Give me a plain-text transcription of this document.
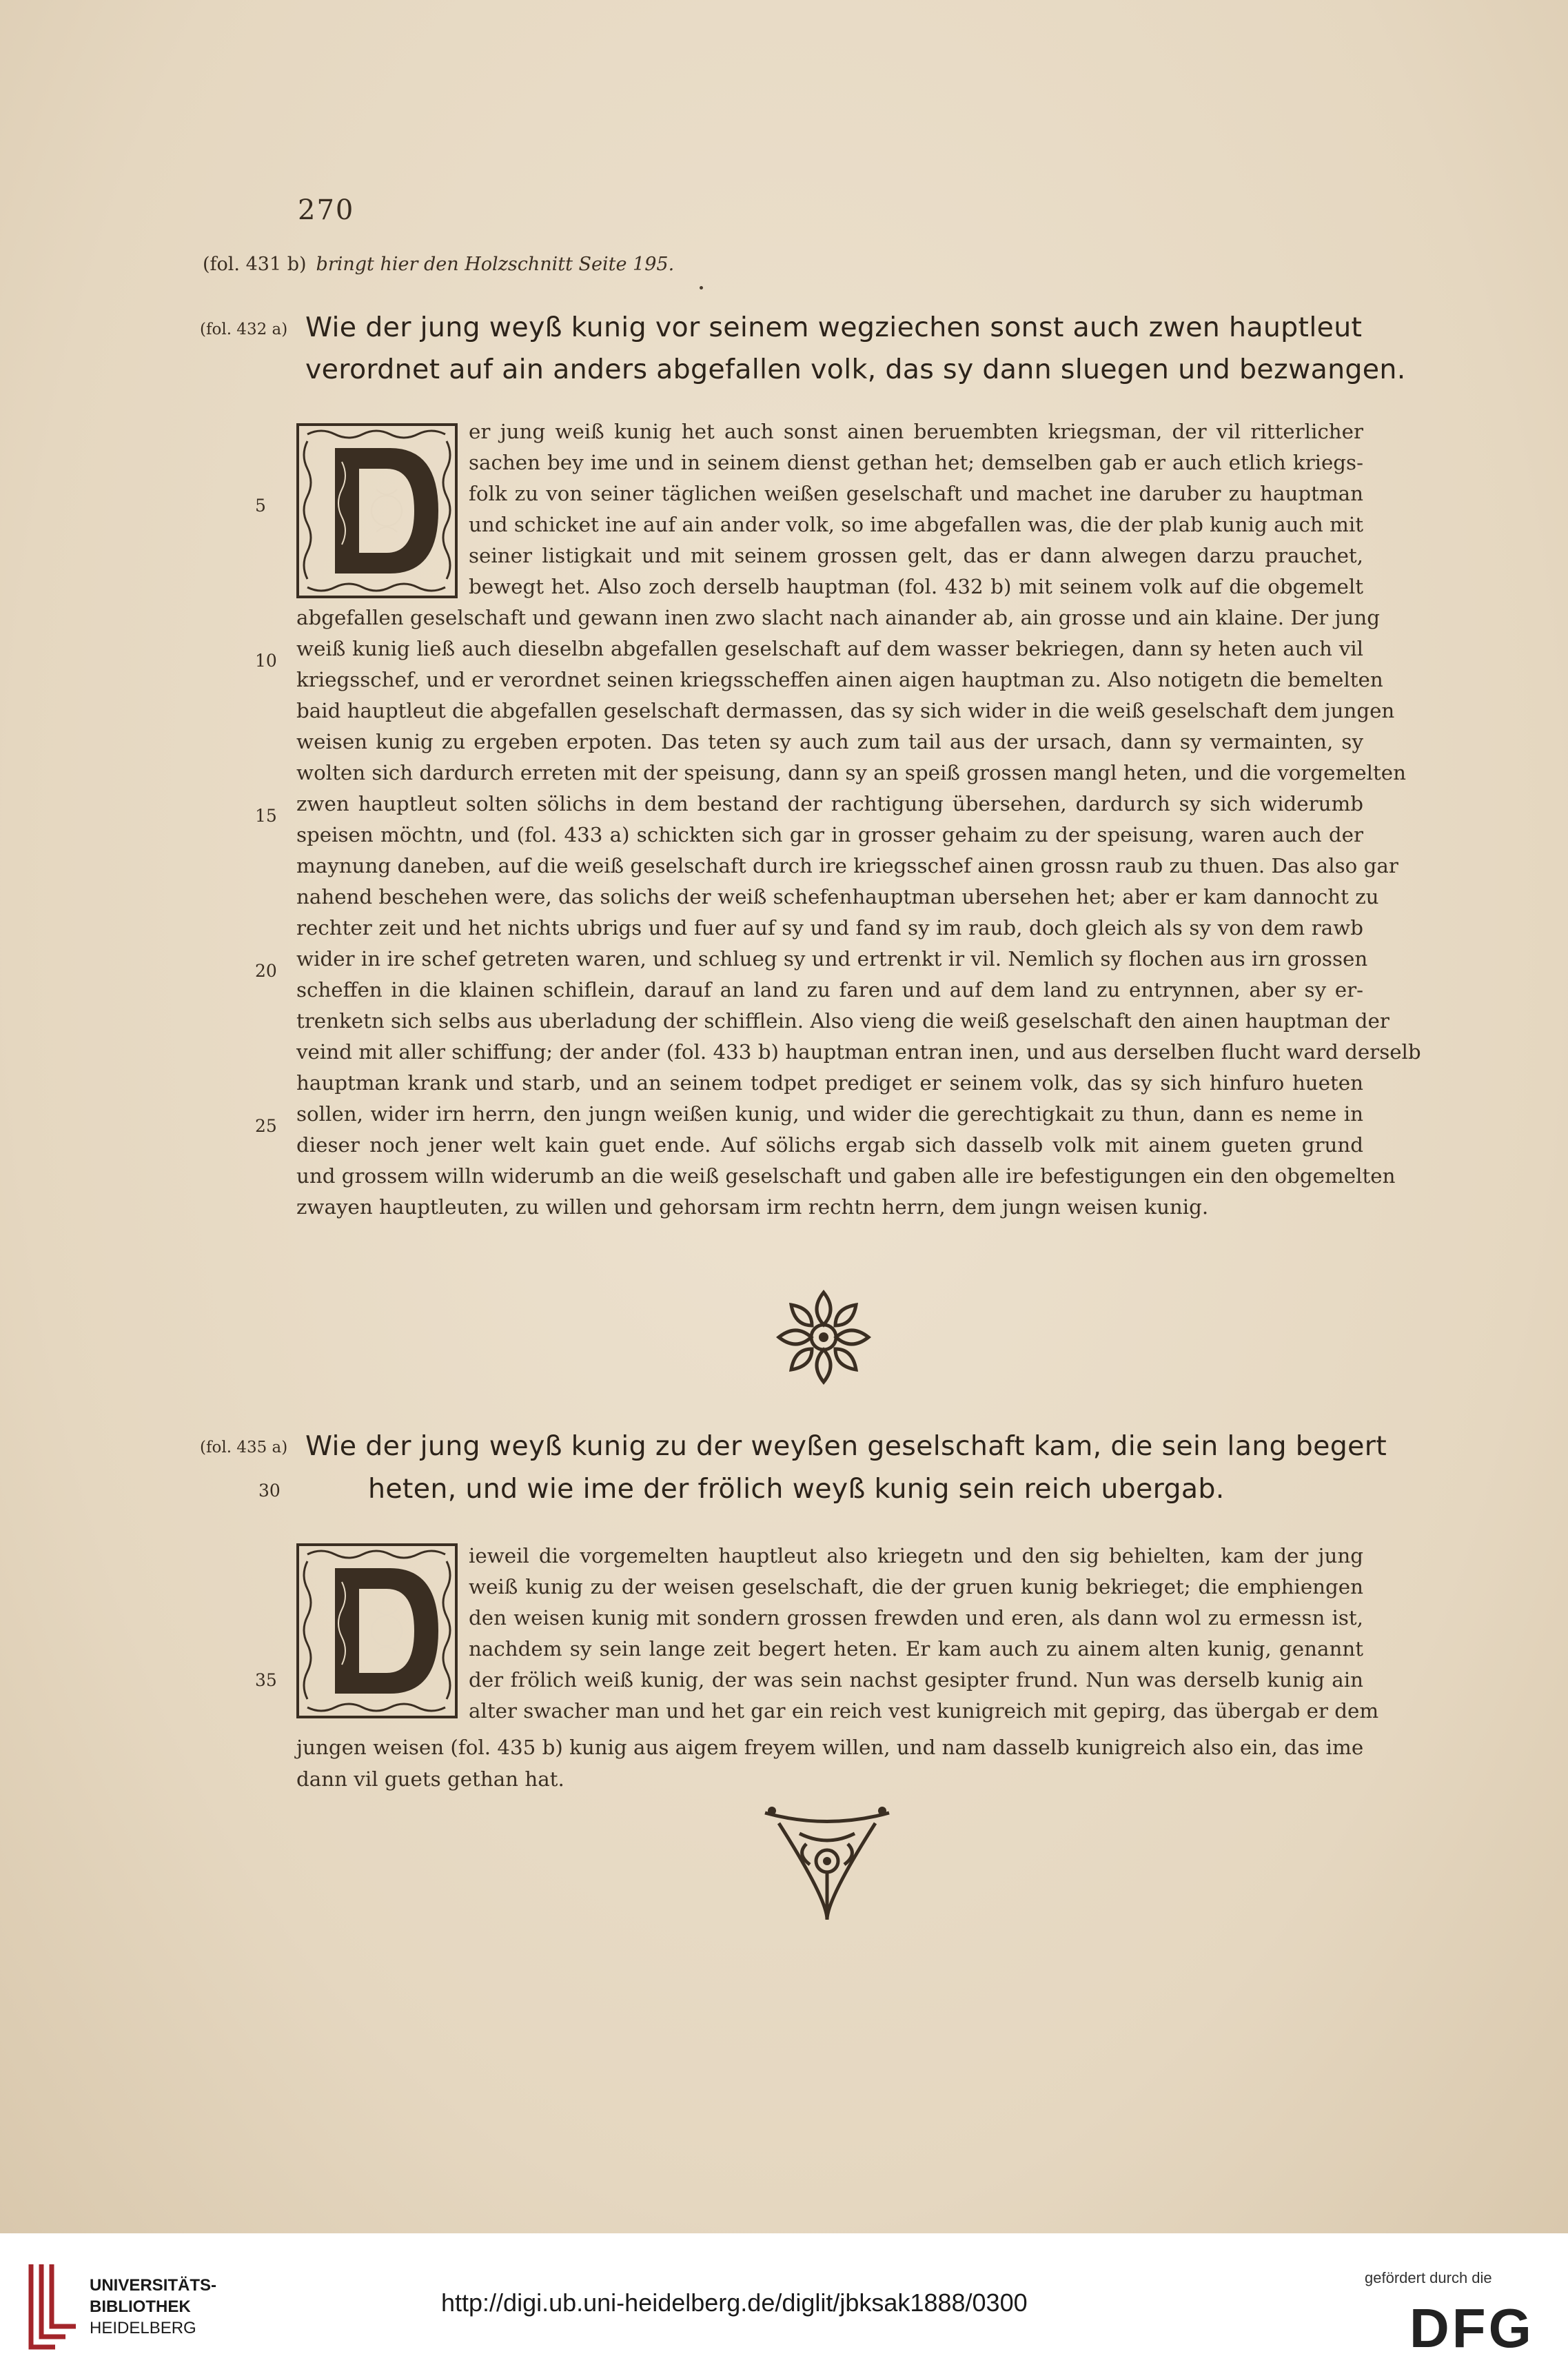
270
(fol. 431 b) bringt hier den Holzschnitt Seite 195.
(fol. 432 a) Wie der jung weyß kunig vor seinem wegziechen sonst auch zwen hauptleut
verordnet auf ain anders abgefallen volk, das sy dann sluegen und bezwangen.
er jung weiß kunig het auch sonst ainen beruembten kriegsman, der vil ritterlicher
sachen bey ime und in seinem dienst gethan het; demselben gab er auch etlich kriegs-
folk zu von seiner täglichen weißen geselschaft und machet ine daruber zu hauptman
und schicket ine auf ain ander volk, so ime abgefallen was, die der plab kunig auch mit
seiner listigkait und mit seinem grossen gelt, das er dann alwegen darzu prauchet,
bewegt het. Also zoch derselb hauptman (fol. 432 b) mit seinem volk auf die obgemelt
abgefallen geselschaft und gewann inen zwo slacht nach ainander ab, ain grosse und ain klaine. Der jung
weiß kunig ließ auch dieselbn abgefallen geselschaft auf dem wasser bekriegen, dann sy heten auch vil
kriegsschef, und er verordnet seinen kriegsscheffen ainen aigen hauptman zu. Also notigetn die bemelten
baid hauptleut die abgefallen geselschaft dermassen, das sy sich wider in die weiß geselschaft dem jungen
weisen kunig zu ergeben erpoten. Das teten sy auch zum tail aus der ursach, dann sy vermainten, sy
wolten sich dardurch erreten mit der speisung, dann sy an speiß grossen mangl heten, und die vorgemelten
zwen hauptleut solten sölichs in dem bestand der rachtigung übersehen, dardurch sy sich widerumb
speisen möchtn, und (fol. 433 a) schickten sich gar in grosser gehaim zu der speisung, waren auch der
maynung daneben, auf die weiß geselschaft durch ire kriegsschef ainen grossn raub zu thuen. Das also gar
nahend beschehen were, das solichs der weiß schefenhauptman ubersehen het; aber er kam dannocht zu
rechter zeit und het nichts ubrigs und fuer auf sy und fand sy im raub, doch gleich als sy von dem rawb
wider in ire schef getreten waren, und schlueg sy und ertrenkt ir vil. Nemlich sy flochen aus irn grossen
scheffen in die klainen schiflein, darauf an land zu faren und auf dem land zu entrynnen, aber sy er-
trenketn sich selbs aus uberladung der schifflein. Also vieng die weiß geselschaft den ainen hauptman der
veind mit aller schiffung; der ander (fol. 433 b) hauptman entran inen, und aus derselben flucht ward derselb
hauptman krank und starb, und an seinem todpet prediget er seinem volk, das sy sich hinfuro hueten
sollen, wider irn herrn, den jungn weißen kunig, und wider die gerechtigkait zu thun, dann es neme in
dieser noch jener welt kain guet ende. Auf sölichs ergab sich dasselb volk mit ainem gueten grund
und grossem willn widerumb an die weiß geselschaft und gaben alle ire befestigungen ein den obgemelten
zwayen hauptleuten, zu willen und gehorsam irm rechtn herrn, dem jungn weisen kunig.
5
10
15
20
25
(fol. 435 a) Wie der jung weyß kunig zu der weyßen geselschaft kam, die sein lang begert
heten, und wie ime der frölich weyß kunig sein reich ubergab.
30
ieweil die vorgemelten hauptleut also kriegetn und den sig behielten, kam der jung
weiß kunig zu der weisen geselschaft, die der gruen kunig bekrieget; die emphiengen
den weisen kunig mit sondern grossen frewden und eren, als dann wol zu ermessn ist,
nachdem sy sein lange zeit begert heten. Er kam auch zu ainem alten kunig, genannt
der frölich weiß kunig, der was sein nachst gesipter frund. Nun was derselb kunig ain
alter swacher man und het gar ein reich vest kunigreich mit gepirg, das übergab er dem
jungen weisen (fol. 435 b) kunig aus aigem freyem willen, und nam dasselb kunigreich also ein, das ime
dann vil guets gethan hat.
35
UNIVERSITÄTS-
BIBLIOTHEK
HEIDELBERG
http://digi.ub.uni-heidelberg.de/diglit/jbksak1888/0300
gefördert durch die
DFG
